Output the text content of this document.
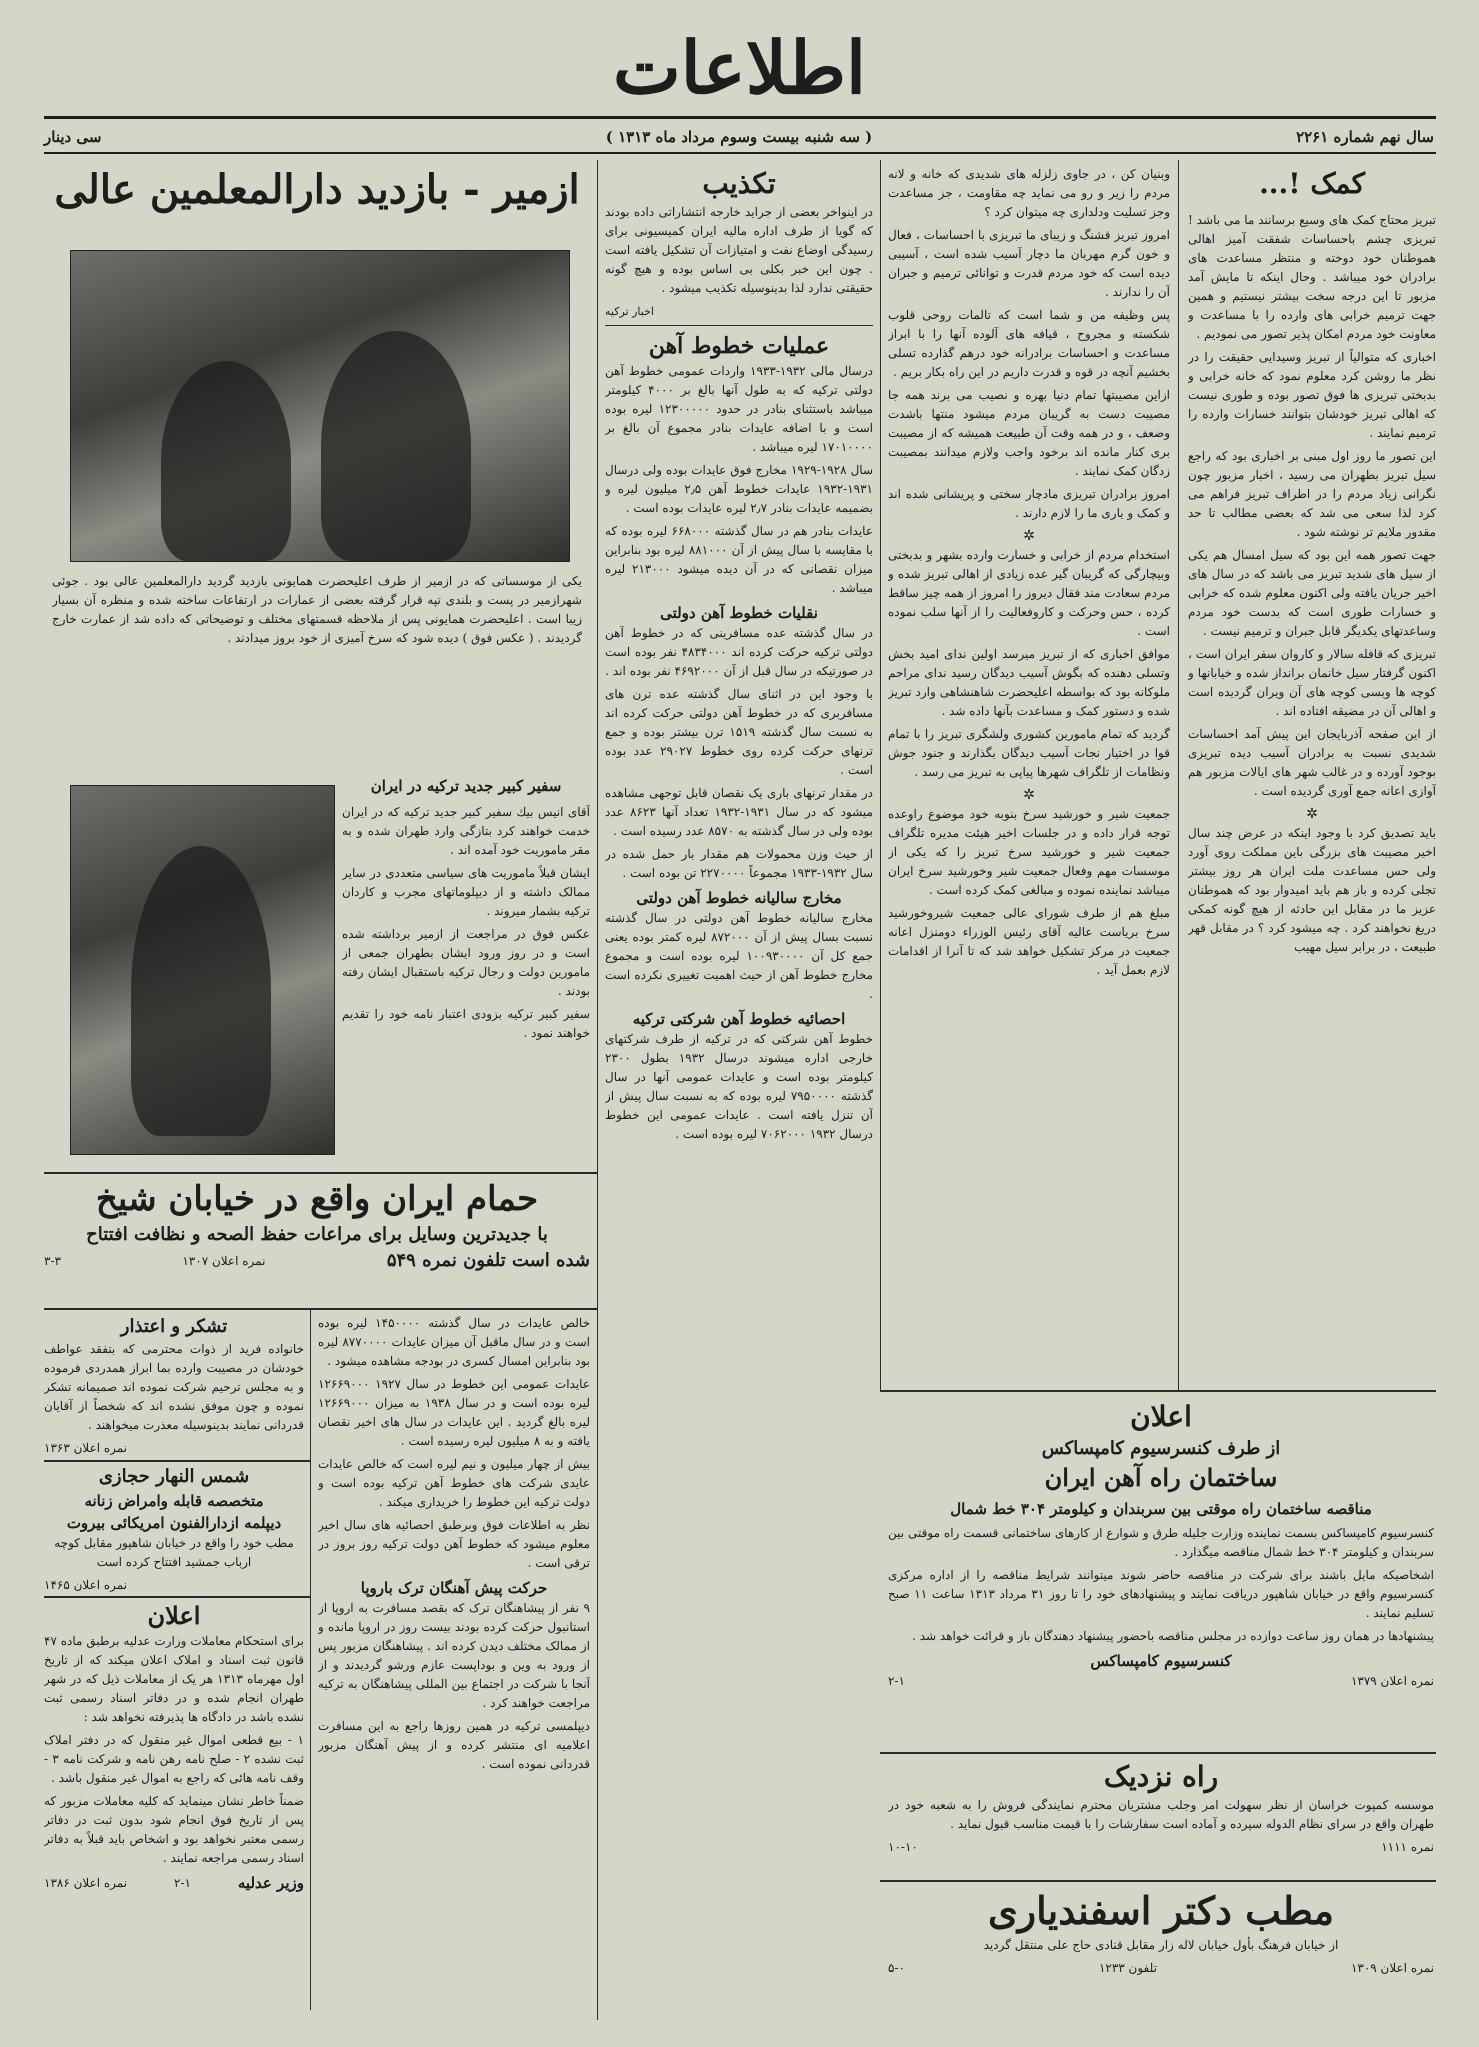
اطلاعات
سال نهم شماره ۲۲۶۱
( سه شنبه بیست وسوم مرداد ماه ۱۳۱۳ )
سی دینار
کمک !...

تبریز محتاج کمک های وسیع برسانند ما می باشد ! تبریزی چشم باحساسات شفقت آمیز اهالی هموطنان خود دوخته و منتظر مساعدت های برادران خود میباشد . وحال اینکه تا مایش آمد مزبور تا این درجه سخت بیشتر نیستیم و همین جهت ترمیم خرابی های وارده را با مساعدت و معاونت خود مردم امکان پذیر تصور می نمودیم .

اخباری که متوالیاً از تبریز وسیدایی حقیقت را در نظر ما روشن کرد معلوم نمود که خانه خرابی و بدبختی تبریزی ها فوق تصور بوده و طوری نیست که اهالی تبریز خودشان بتوانند خسارات وارده را ترمیم نمایند .

این تصور ما روز اول مبنی بر اخباری بود که راجع سیل تبریز بطهران می رسید ، اخبار مزبور چون نگرانی زیاد مردم را در اطراف تبریز فراهم می کرد لذا سعی می شد که بعضی مطالب تا حد مقدور ملایم تر نوشته شود .

جهت تصور همه این بود که سیل امسال هم یکی از سیل های شدید تبریز می باشد که در سال های اخیر جریان یافته ولی اکنون معلوم شده که خرابی و خسارات طوری است که بدست خود مردم وساعدتهای یکدیگر قابل جبران و ترمیم نیست .

تبریزی که قافله سالار و کاروان سفر ایران است ، اکنون گرفتار سیل خانمان برانداز شده و خیابانها و کوچه ها وبسی کوچه های آن ویران گردیده است و اهالی آن در مضیقه افتاده اند .

از این صفحه آذربایجان این پیش آمد احساسات شدیدی نسبت به برادران آسیب دیده تبریزی بوجود آورده و در غالب شهر های ایالات مزبور هم آوازی اعانه جمع آوری گردیده است .

✲

باید تصدیق کرد با وجود اینکه در عرض چند سال اخیر مصیبت های بزرگی باین مملکت روی آورد ولی حس مساعدت ملت ایران هر روز بیشتر تجلی کرده و باز هم باید امیدوار بود که هموطنان عزیز ما در مقابل این حادثه از هیچ گونه کمکی دریغ نخواهند کرد . چه میشود کرد ؟ در مقابل قهر طبیعت ، در برابر سیل مهیب

وبنیان کن ، در جاوی زلزله های شدیدی که خانه و لانه مردم را زیر و رو می نماید چه مقاومت ، جز مساعدت وجز تسلیت ودلداری چه میتوان کرد ؟

امروز تبریز قشنگ و زیبای ما تبریزی با احساسات ، فعال و خون گرم مهربان ما دچار آسیب شده است ، آسیبی دیده است که خود مردم قدرت و توانائی ترمیم و جبران آن را ندارند .

پس وظیفه من و شما است که تالمات روحی قلوب شکسته و مجروح ، قیافه های آلوده آنها را با ابراز مساعدت و احساسات برادرانه خود درهم گذارده تسلی بخشیم آنچه در قوه و قدرت داریم در این راه بکار بریم .

ازاین مصیبتها تمام دنیا بهره و نصیب می برند همه جا مصیبت دست به گریبان مردم میشود منتها باشدت وضعف ، و در همه وقت آن طبیعت همیشه که از مصیبت بری کنار مانده اند برخود واجب ولازم میدانند بمصیبت زدگان کمک نمایند .

امروز برادران تبریزی مادچار سختی و پریشانی شده اند و کمک و یاری ما را لازم دارند .

✲

استخدام مردم از خرابی و خسارت وارده بشهر و بدبختی وبیچارگی که گریبان گیر عده زیادی از اهالی تبریز شده و مردم سعادت مند فقال دیروز را امروز از همه چیز ساقط کرده ، حس وحرکت و کاروفعالیت را از آنها سلب نموده است .

موافق اخباری که از تبریز میرسد اولین ندای امید بخش وتسلی دهنده که بگوش آسیب دیدگان رسید ندای مراحم ملوکانه بود که بواسطه اعلیحضرت شاهنشاهی وارد تبریز شده و دستور کمک و مساعدت بآنها داده شد .

گردید که تمام مامورین کشوری ولشگری تبریز را با تمام قوا در اختیار نجات آسیب دیدگان بگذارند و جنود جوش ونظامات از تلگراف شهرها پیاپی به تبریز می رسد .

✲

جمعیت شیر و خورشید سرخ بنوبه خود موضوع راوعده توجه قرار داده و در جلسات اخیر هیئت مدیره تلگراف جمعیت شیر و خورشید سرخ تبریز را که یکی از موسسات مهم وفعال جمعیت شیر وخورشید سرخ ایران میباشد نماینده نموده و مبالغی کمک کرده است .

مبلغ هم از طرف شورای عالی جمعیت شیروخورشید سرخ بریاست عالیه آقای رئیس الوزراء دومنزل اعانه جمعیت در مرکز تشکیل خواهد شد که تا آنرا از اقدامات لازم بعمل آید .

اعلان
از طرف کنسرسیوم کامپساکس
ساختمان راه آهن ایران
مناقصه ساختمان راه موقتی بین سربندان و کیلومتر ۳۰۴ خط شمال

کنسرسیوم کامپساکس بسمت نماینده وزارت جلیله طرق و شوارع از کارهای ساختمانی قسمت راه موقتی بین سربندان و کیلومتر ۳۰۴ خط شمال مناقصه میگذارد .

اشخاصیکه مایل باشند برای شرکت در مناقصه حاضر شوند میتوانند شرایط مناقصه را از اداره مرکزی کنسرسیوم واقع در خیابان شاهپور دریافت نمایند و پیشنهادهای خود را تا روز ۳۱ مرداد ۱۳۱۳ ساعت ۱۱ صبح تسلیم نمایند .

پیشنهادها در همان روز ساعت دوازده در مجلس مناقصه باحضور پیشنهاد دهندگان باز و قرائت خواهد شد .

کنسرسیوم کامپساکس
نمره اعلان ۱۳۷۹
۲-۱
راه نزدیک

موسسه کمپوت خراسان از نظر سهولت امر وجلب مشتریان محترم نمایندگی فروش را به شعبه خود در طهران واقع در سرای نظام الدوله سپرده و آماده است سفارشات را با قیمت مناسب قبول نماید .

نمره ۱۱۱۱
۱۰-۱۰
مطب دکتر اسفندیاری

از خیابان فرهنگ بأول خیابان لاله زار مقابل قنادی حاج علی منتقل گردید

نمره اعلان ۱۳۰۹
تلفون ۱۲۳۳
۵-۰
تکذیب

در اینواخر بعضی از جراید خارجه انتشاراتی داده بودند که گویا از طرف اداره مالیه ایران کمیسیونی برای رسیدگی اوضاع نفت و امتیازات آن تشکیل یافته است . چون این خبر بکلی بی اساس بوده و هیچ گونه حقیقتی ندارد لذا بدینوسیله تکذیب میشود .

اخبار ترکیه
عملیات خطوط آهن

درسال مالی ۱۹۳۲-۱۹۳۳ واردات عمومی خطوط آهن دولتی ترکیه که به طول آنها بالغ بر ۴۰۰۰ کیلومتر میباشد باستثنای بنادر در حدود ۱۲۳۰۰۰۰۰ لیره بوده است و با اضافه عایدات بنادر مجموع آن بالغ بر ۱۷۰۱۰۰۰۰ لیره میباشد .

سال ۱۹۲۸-۱۹۲۹ مخارج فوق عایدات بوده ولی درسال ۱۹۳۱-۱۹۳۲ عایدات خطوط آهن ۲٫۵ میلیون لیره و بضمیمه عایدات بنادر ۲٫۷ لیره عایدات بوده است .

عایدات بنادر هم در سال گذشته ۶۶۸۰۰۰ لیره بوده که با مقایسه با سال پیش از آن ۸۸۱۰۰۰ لیره بود بنابراین میزان نقصانی که در آن دیده میشود ۲۱۳۰۰۰ لیره میباشد .

نقلیات خطوط آهن دولتی

در سال گذشته عده مسافرینی که در خطوط آهن دولتی ترکیه حرکت کرده اند ۴۸۳۴۰۰۰ نفر بوده است در صورتیکه در سال قبل از آن ۴۶۹۲۰۰۰ نفر بوده اند .

با وجود این در اثنای سال گذشته عده ترن های مسافربری که در خطوط آهن دولتی حرکت کرده اند به نسبت سال گذشته ۱۵۱۹ ترن بیشتر بوده و جمع ترنهای حرکت کرده روی خطوط ۲۹۰۲۷ عدد بوده است .

در مقدار ترنهای باری یک نقصان قابل توجهی مشاهده میشود که در سال ۱۹۳۱-۱۹۳۲ تعداد آنها ۸۶۲۳ عدد بوده ولی در سال گذشته به ۸۵۷۰ عدد رسیده است .

از حیث وزن محمولات هم مقدار بار حمل شده در سال ۱۹۳۲-۱۹۳۳ مجموعاً ۲۲۷۰۰۰۰ تن بوده است .

مخارج سالیانه خطوط آهن دولتی

مخارج سالیانه خطوط آهن دولتی در سال گذشته نسبت بسال پیش از آن ۸۷۲۰۰۰ لیره کمتر بوده یعنی جمع کل آن ۱۰۰۹۳۰۰۰۰ لیره بوده است و مجموع مخارج خطوط آهن از حیث اهمیت تغییری نکرده است .

احصائیه خطوط آهن شرکتی ترکیه

خطوط آهن شرکتی که در ترکیه از طرف شرکتهای خارجی اداره میشوند درسال ۱۹۳۲ بطول ۲۳۰۰ کیلومتر بوده است و عایدات عمومی آنها در سال گذشته ۷۹۵۰۰۰۰ لیره بوده که به نسبت سال پیش از آن تنزل یافته است . عایدات عمومی این خطوط درسال ۱۹۳۲ ۷۰۶۲۰۰۰ لیره بوده است .

ازمیر - بازدید دارالمعلمین عالی

یکی از موسساتی که در ازمیر از طرف اعلیحضرت همایونی بازدید گردید دارالمعلمین عالی بود . جوئی شهرازمیر در پست و بلندی تپه قرار گرفته بعضی از عمارات در ارتفاعات ساخته شده و منظره آن بسیار زیبا است . اعلیحضرت همایونی پس از ملاحظه قسمتهای مختلف و توضیحاتی که داده شد از عمارت خارج گردیدند . ( عکس فوق ) دیده شود که سرخ آمیزی از خود بروز میدادند .

سفیر کبیر جدید ترکیه در ایران

آقای انیس بیك سفیر کبیر جدید ترکیه که در ایران خدمت خواهند کرد بتازگی وارد طهران شده و به مقر ماموریت خود آمده اند .

ایشان قبلاً ماموریت های سیاسی متعددی در سایر ممالک داشته و از دیپلوماتهای مجرب و کاردان ترکیه بشمار میروند .

عکس فوق در مراجعت از ازمیر برداشته شده است و در روز ورود ایشان بطهران جمعی از مامورین دولت و رجال ترکیه باستقبال ایشان رفته بودند .

سفیر کبیر ترکیه بزودی اعتبار نامه خود را تقدیم خواهند نمود .

حمام ایران واقع در خیابان شیخ
با جدیدترین وسایل برای مراعات حفظ الصحه و نظافت افتتاح
شده است تلفون نمره ۵۴۹
نمره اعلان ۱۳۰۷
۳-۳

خالص عایدات در سال گذشته ۱۴۵۰۰۰۰ لیره بوده است و در سال ماقبل آن میزان عایدات ۸۷۷۰۰۰۰ لیره بود بنابراین امسال کسری در بودجه مشاهده میشود .

عایدات عمومی این خطوط در سال ۱۹۲۷ ۱۲۶۶۹۰۰۰ لیره بوده است و در سال ۱۹۳۸ به میزان ۱۲۶۶۹۰۰۰ لیره بالغ گردید . این عایدات در سال های اخیر نقصان یافته و به ۸ میلیون لیره رسیده است .

بیش از چهار میلیون و نیم لیره است که خالص عایدات عایدی شرکت های خطوط آهن ترکیه بوده است و دولت ترکیه این خطوط را خریداری میکند .

نظر به اطلاعات فوق وبرطبق احصائیه های سال اخیر معلوم میشود که خطوط آهن دولت ترکیه روز بروز در ترقی است .

حرکت پیش آهنگان ترک باروپا

۹ نفر از پیشاهنگان ترک که بقصد مسافرت به اروپا از استانبول حرکت کرده بودند بیست روز در اروپا مانده و از ممالک مختلف دیدن کرده اند . پیشاهنگان مزبور پس از ورود به وین و بوداپست عازم ورشو گردیدند و از آنجا با شرکت در اجتماع بین المللی پیشاهنگان به ترکیه مراجعت خواهند کرد .

دیپلمسی ترکیه در همین روزها راجع به این مسافرت اعلامیه ای منتشر کرده و از پیش آهنگان مزبور قدردانی نموده است .

تشکر و اعتذار

خانواده فرید از ذوات محترمی که بتفقد عواطف خودشان در مصیبت وارده بما ابراز همدردی فرموده و به مجلس ترحیم شرکت نموده اند صمیمانه تشکر نموده و چون موفق نشده اند که شخصاً از آقایان قدردانی نمایند بدینوسیله معذرت میخواهند .

نمره اعلان ۱۳۶۳
شمس النهار حجازی
متخصصه قابله وامراض زنانه
دیپلمه ازدارالفنون امریکائی بیروت

مطب خود را واقع در خیابان شاهپور مقابل کوچه ارباب جمشید افتتاح کرده است

نمره اعلان ۱۴۶۵
اعلان

برای استحکام معاملات وزارت عدلیه برطبق ماده ۴۷ قانون ثبت اسناد و املاک اعلان میکند که از تاریخ اول مهرماه ۱۳۱۳ هر یک از معاملات ذیل که در شهر طهران انجام شده و در دفاتر اسناد رسمی ثبت نشده باشد در دادگاه ها پذیرفته نخواهد شد :

۱ - بیع قطعی اموال غیر منقول که در دفتر املاک ثبت نشده ۲ - صلح نامه رهن نامه و شرکت نامه ۳ - وقف نامه هائی که راجع به اموال غیر منقول باشد .

ضمناً خاطر نشان مینماید که کلیه معاملات مزبور که پس از تاریخ فوق انجام شود بدون ثبت در دفاتر رسمی معتبر نخواهد بود و اشخاص باید قبلاً به دفاتر اسناد رسمی مراجعه نمایند .

وزیر عدلیه
۲-۱
نمره اعلان ۱۳۸۶
